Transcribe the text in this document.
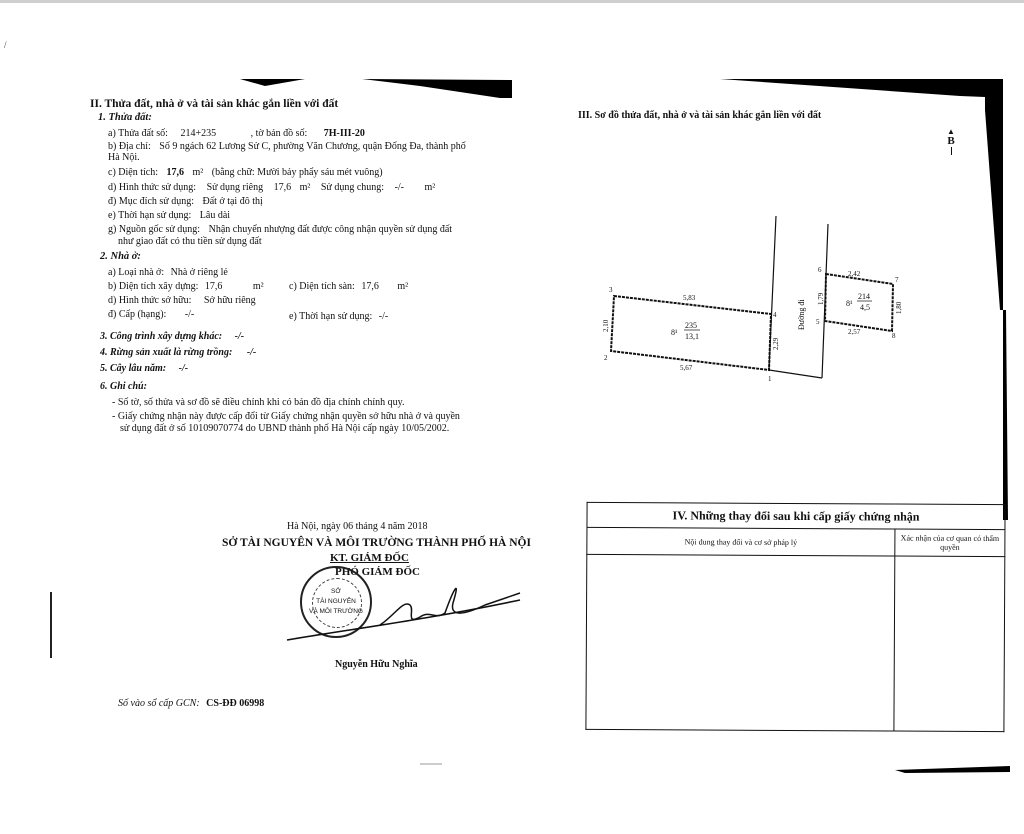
/
II. Thửa đất, nhà ở và tài sản khác gắn liền với đất
1. Thửa đất:
a) Thửa đất số: 214+235	, tờ bản đồ số: 7H-III-20
b) Địa chỉ: Số 9 ngách 62 Lương Sử C, phường Văn Chương, quận Đống Đa, thành phố
Hà Nội.
c) Diện tích: 17,6 m² (bằng chữ: Mười bảy phẩy sáu mét vuông)
d) Hình thức sử dụng: Sử dụng riêng 17,6 m² Sử dụng chung: -/- m²
đ) Mục đích sử dụng: Đất ở tại đô thị
e) Thời hạn sử dụng: Lâu dài
g) Nguồn gốc sử dụng: Nhận chuyển nhượng đất được công nhận quyền sử dụng đất
như giao đất có thu tiền sử dụng đất
2. Nhà ở:
a) Loại nhà ở: Nhà ở riêng lẻ
b) Diện tích xây dựng: 17,6	m²	c) Diện tích sàn: 17,6 m²
d) Hình thức sở hữu: Sở hữu riêng
đ) Cấp (hạng): -/-	e) Thời hạn sử dụng: -/-
3. Công trình xây dựng khác: -/-
4. Rừng sản xuất là rừng trồng: -/-
5. Cây lâu năm: -/-
6. Ghi chú:
- Số tờ, số thửa và sơ đồ sẽ điều chỉnh khi có bản đồ địa chính chính quy.
- Giấy chứng nhận này được cấp đổi từ Giấy chứng nhận quyền sở hữu nhà ở và quyền
sử dụng đất ở số 10109070774 do UBND thành phố Hà Nội cấp ngày 10/05/2002.
Hà Nội, ngày 06 tháng 4 năm 2018
SỞ TÀI NGUYÊN VÀ MÔI TRƯỜNG THÀNH PHỐ HÀ NỘI
KT. GIÁM ĐỐC
PHÓ GIÁM ĐỐC
SỞ
TÀI NGUYÊN
VÀ MÔI TRƯỜNG
Nguyễn Hữu Nghĩa
Số vào sổ cấp GCN: CS-ĐĐ 06998
III. Sơ đồ thửa đất, nhà ở và tài sản khác gắn liền với đất
▲
B
3
2
4
1
6
7
8
5
5,83
5,67
2,42
2,57
2,10
2,29
1,79
1,80
Đường đi
8¹
235
13,1
8¹
214
4,5
IV. Những thay đổi sau khi cấp giấy chứng nhận	
Nội dung thay đổi và cơ sở pháp lý	Xác nhận của cơ quan có thẩm quyền
